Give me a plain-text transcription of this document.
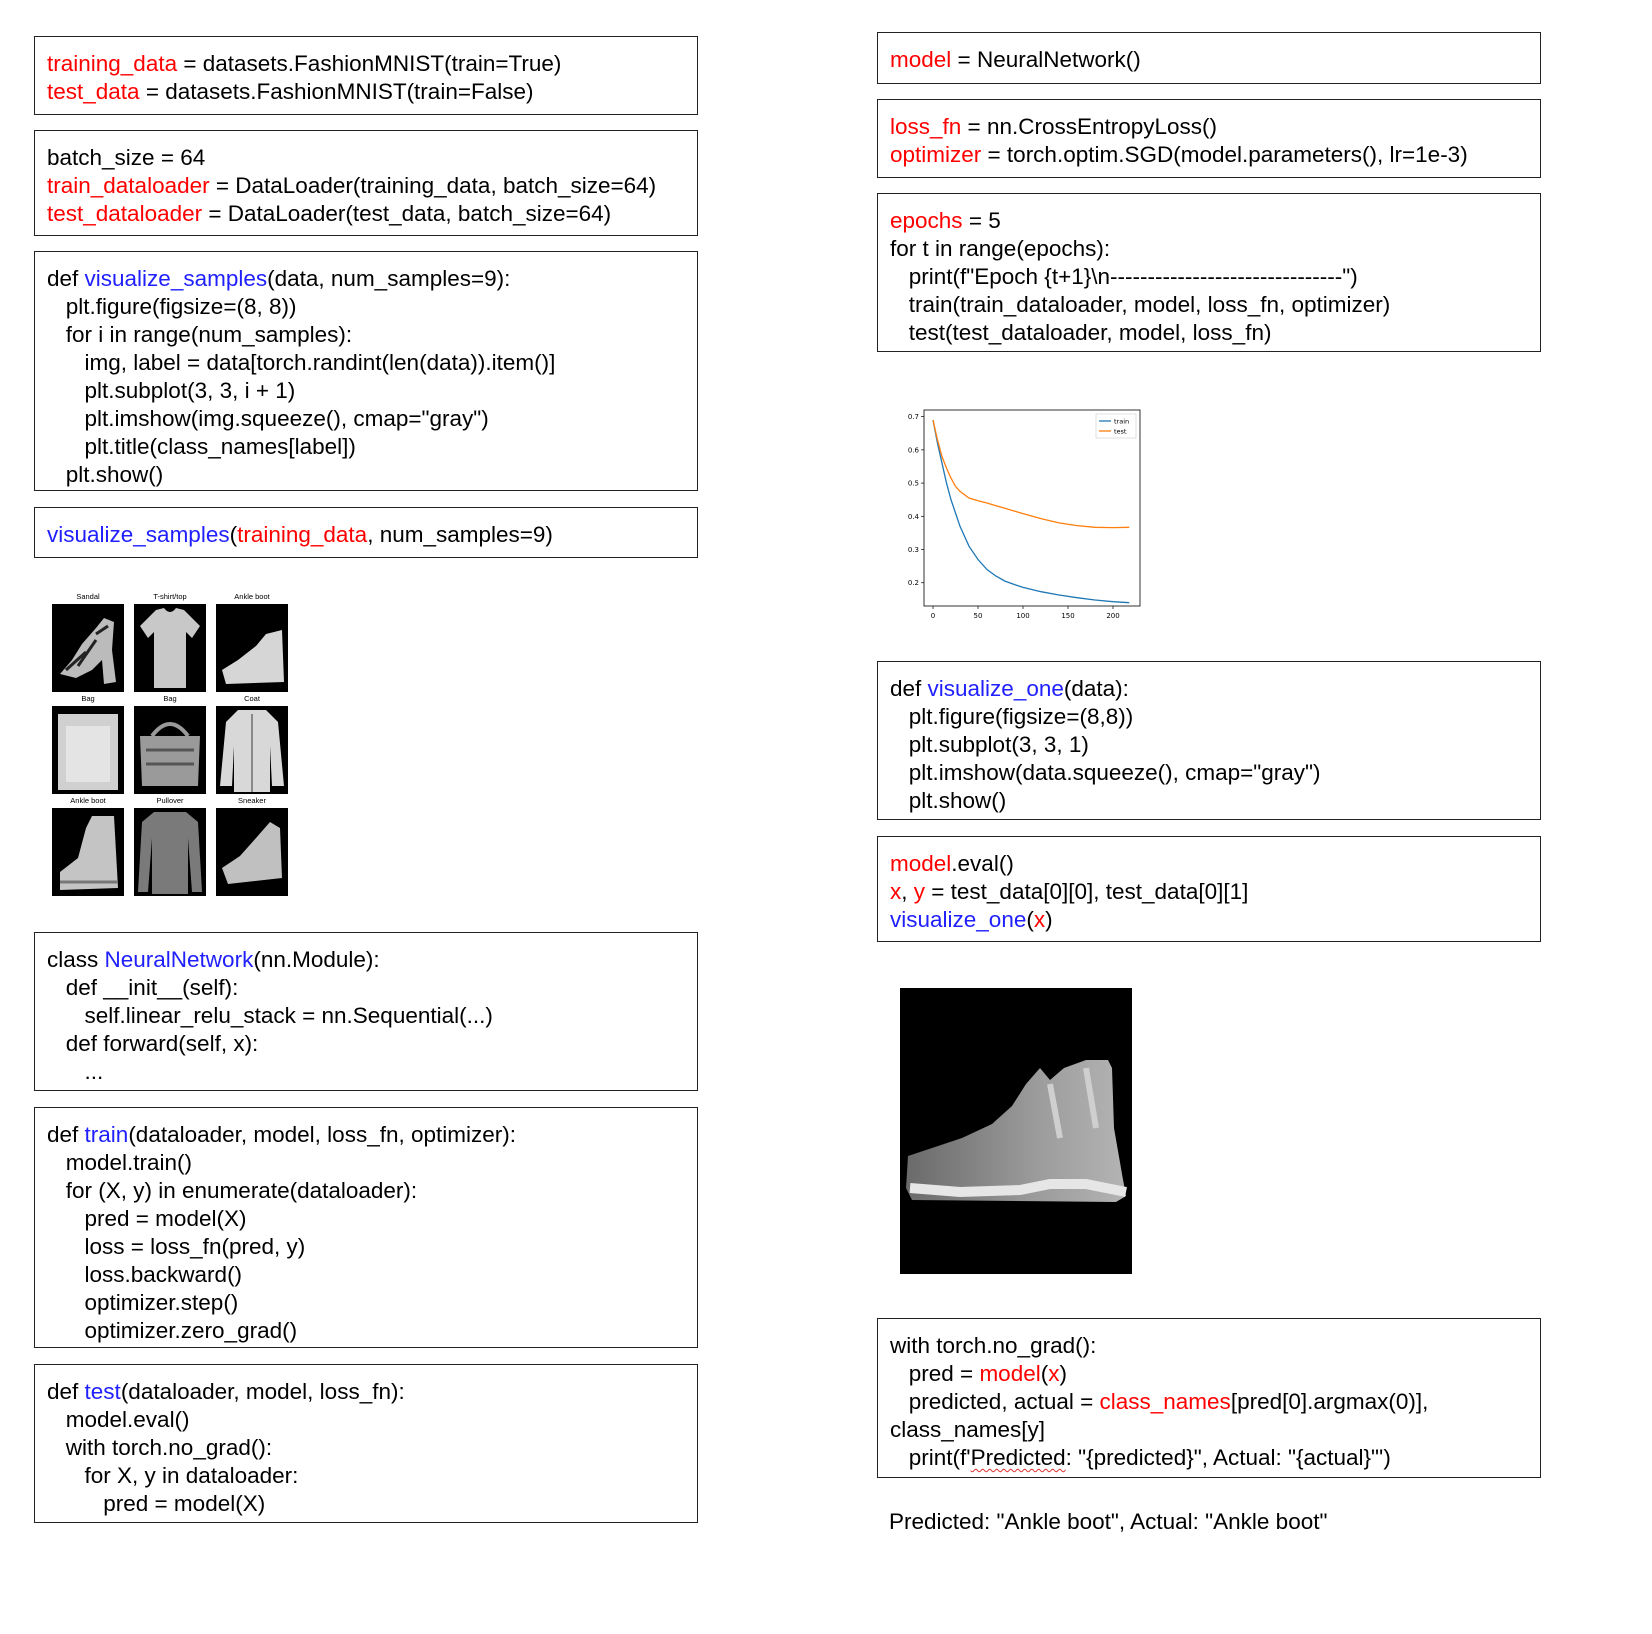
training_data = datasets.FashionMNIST(train=True)
test_data = datasets.FashionMNIST(train=False)
batch_size = 64
train_dataloader = DataLoader(training_data, batch_size=64)
test_dataloader = DataLoader(test_data, batch_size=64)
def visualize_samples(data, num_samples=9):
plt.figure(figsize=(8, 8))
for i in range(num_samples):
img, label = data[torch.randint(len(data)).item()]
plt.subplot(3, 3, i + 1)
plt.imshow(img.squeeze(), cmap="gray")
plt.title(class_names[label])
plt.show()
visualize_samples(training_data, num_samples=9)
Sandal	T-shirt/top	Ankle boot
Bag	Bag	Coat
Ankle boot	Pullover	Sneaker
class NeuralNetwork(nn.Module):
def __init__(self):
self.linear_relu_stack = nn.Sequential(...)
def forward(self, x):
...
def train(dataloader, model, loss_fn, optimizer):
model.train()
for (X, y) in enumerate(dataloader):
pred = model(X)
loss = loss_fn(pred, y)
loss.backward()
optimizer.step()
optimizer.zero_grad()
def test(dataloader, model, loss_fn):
model.eval()
with torch.no_grad():
for X, y in dataloader:
pred = model(X)
model = NeuralNetwork()
loss_fn = nn.CrossEntropyLoss()
optimizer = torch.optim.SGD(model.parameters(), lr=1e-3)
epochs = 5
for t in range(epochs):
print(f"Epoch {t+1}\n-------------------------------")
train(train_dataloader, model, loss_fn, optimizer)
test(test_dataloader, model, loss_fn)
0	50	100	150	200
0.2
0.3
0.4
0.5
0.6
0.7
train
test
def visualize_one(data):
plt.figure(figsize=(8,8))
plt.subplot(3, 3, 1)
plt.imshow(data.squeeze(), cmap="gray")
plt.show()
model.eval()
x, y = test_data[0][0], test_data[0][1]
visualize_one(x)
with torch.no_grad():
pred = model(x)
predicted, actual = class_names[pred[0].argmax(0)],
class_names[y]
print(f'Predicted: "{predicted}", Actual: "{actual}"')
Predicted: "Ankle boot", Actual: "Ankle boot"
